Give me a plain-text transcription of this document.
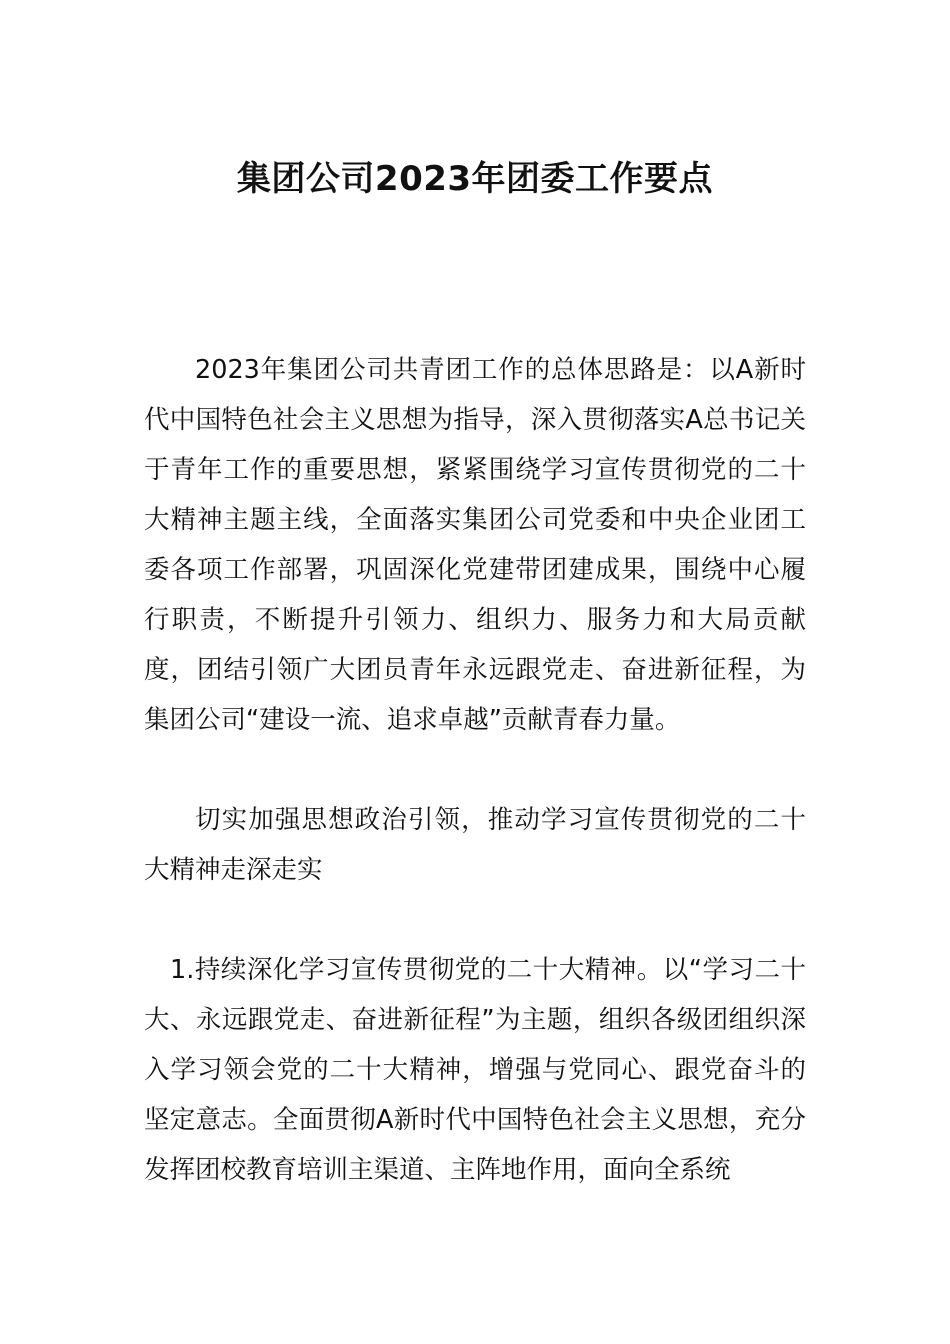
集团公司2023年团委工作要点

2023年集团公司共青团工作的总体思路是：以A新时代中国特色社会主义思想为指导，深入贯彻落实A总书记关于青年工作的重要思想，紧紧围绕学习宣传贯彻党的二十大精神主题主线，全面落实集团公司党委和中央企业团工委各项工作部署，巩固深化党建带团建成果，围绕中心履行职责，不断提升引领力、组织力、服务力和大局贡献度，团结引领广大团员青年永远跟党走、奋进新征程，为集团公司“建设一流、追求卓越”贡献青春力量。

切实加强思想政治引领，推动学习宣传贯彻党的二十大精神走深走实

1.持续深化学习宣传贯彻党的二十大精神。以“学习二十大、永远跟党走、奋进新征程”为主题，组织各级团组织深入学习领会党的二十大精神，增强与党同心、跟党奋斗的坚定意志。全面贯彻A新时代中国特色社会主义思想，充分发挥团校教育培训主渠道、主阵地作用，面向全系统
